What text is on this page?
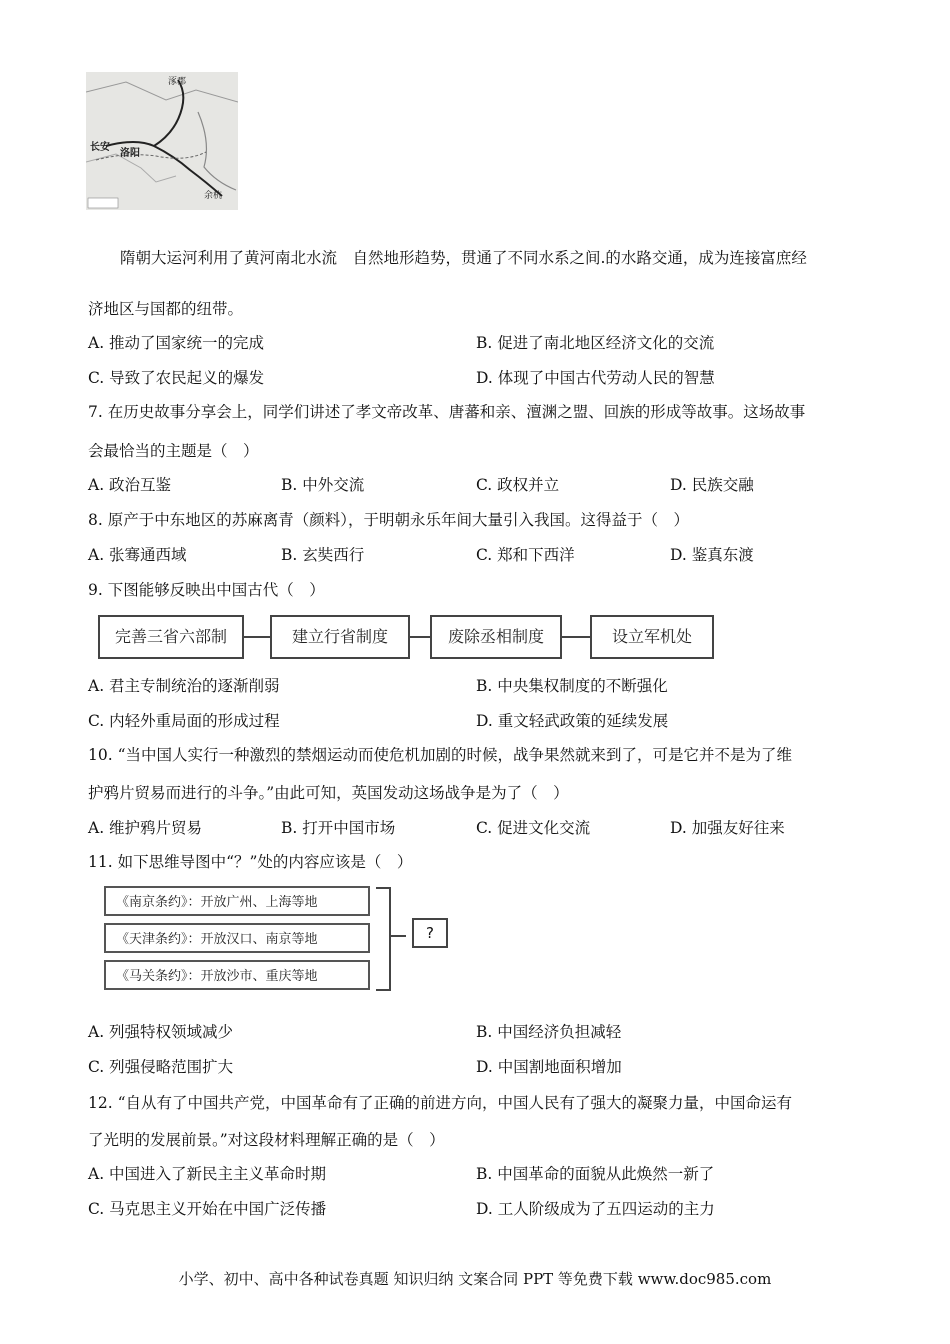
涿郡
长安
洛阳
余杭
隋朝大运河利用了黄河南北水流　自然地形趋势，贯通了不同水系之间.的水路交通，成为连接富庶经
济地区与国都的纽带。
A. 推动了国家统一的完成	B. 促进了南北地区经济文化的交流
C. 导致了农民起义的爆发	D. 体现了中国古代劳动人民的智慧
7. 在历史故事分享会上，同学们讲述了孝文帝改革、唐蕃和亲、澶渊之盟、回族的形成等故事。这场故事
会最恰当的主题是（　）
A. 政治互鉴	B. 中外交流	C. 政权并立	D. 民族交融
8. 原产于中东地区的苏麻离青（颜料），于明朝永乐年间大量引入我国。这得益于（　）
A. 张骞通西域	B. 玄奘西行	C. 郑和下西洋	D. 鉴真东渡
9. 下图能够反映出中国古代（　）
完善三省六部制	建立行省制度	废除丞相制度	设立军机处
A. 君主专制统治的逐渐削弱	B. 中央集权制度的不断强化
C. 内轻外重局面的形成过程	D. 重文轻武政策的延续发展
10. “当中国人实行一种激烈的禁烟运动而使危机加剧的时候，战争果然就来到了，可是它并不是为了维
护鸦片贸易而进行的斗争。”由此可知，英国发动这场战争是为了（　）
A. 维护鸦片贸易	B. 打开中国市场	C. 促进文化交流	D. 加强友好往来
11. 如下思维导图中“？”处的内容应该是（　）
《南京条约》：开放广州、上海等地
《天津条约》：开放汉口、南京等地
《马关条约》：开放沙市、重庆等地
?
A. 列强特权领域减少	B. 中国经济负担减轻
C. 列强侵略范围扩大	D. 中国割地面积增加
12. “自从有了中国共产党，中国革命有了正确的前进方向，中国人民有了强大的凝聚力量，中国命运有
了光明的发展前景。”对这段材料理解正确的是（　）
A. 中国进入了新民主主义革命时期	B. 中国革命的面貌从此焕然一新了
C. 马克思主义开始在中国广泛传播	D. 工人阶级成为了五四运动的主力
小学、初中、高中各种试卷真题 知识归纳 文案合同 PPT 等免费下载 www.doc985.com
